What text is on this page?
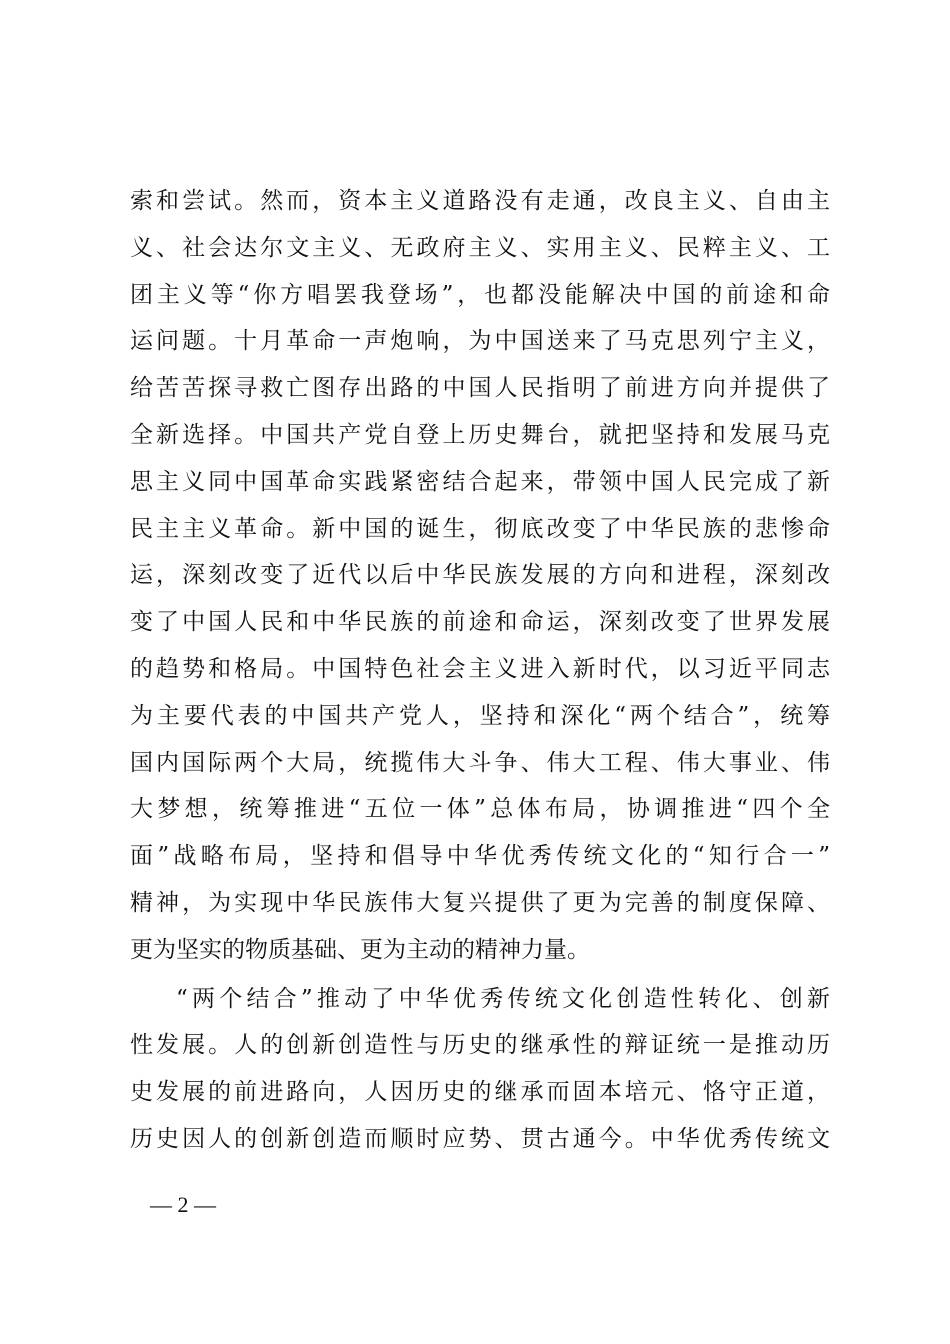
索和尝试。然而，资本主义道路没有走通，改良主义、自由主
义、社会达尔文主义、无政府主义、实用主义、民粹主义、工
团主义等“你方唱罢我登场”，也都没能解决中国的前途和命
运问题。十月革命一声炮响，为中国送来了马克思列宁主义，
给苦苦探寻救亡图存出路的中国人民指明了前进方向并提供了
全新选择。中国共产党自登上历史舞台，就把坚持和发展马克
思主义同中国革命实践紧密结合起来，带领中国人民完成了新
民主主义革命。新中国的诞生，彻底改变了中华民族的悲惨命
运，深刻改变了近代以后中华民族发展的方向和进程，深刻改
变了中国人民和中华民族的前途和命运，深刻改变了世界发展
的趋势和格局。中国特色社会主义进入新时代，以习近平同志
为主要代表的中国共产党人，坚持和深化“两个结合”，统筹
国内国际两个大局，统揽伟大斗争、伟大工程、伟大事业、伟
大梦想，统筹推进“五位一体”总体布局，协调推进“四个全
面”战略布局，坚持和倡导中华优秀传统文化的“知行合一”
精神，为实现中华民族伟大复兴提供了更为完善的制度保障、
更为坚实的物质基础、更为主动的精神力量。
“两个结合”推动了中华优秀传统文化创造性转化、创新
性发展。人的创新创造性与历史的继承性的辩证统一是推动历
史发展的前进路向，人因历史的继承而固本培元、恪守正道，
历史因人的创新创造而顺时应势、贯古通今。中华优秀传统文
— 2 —
